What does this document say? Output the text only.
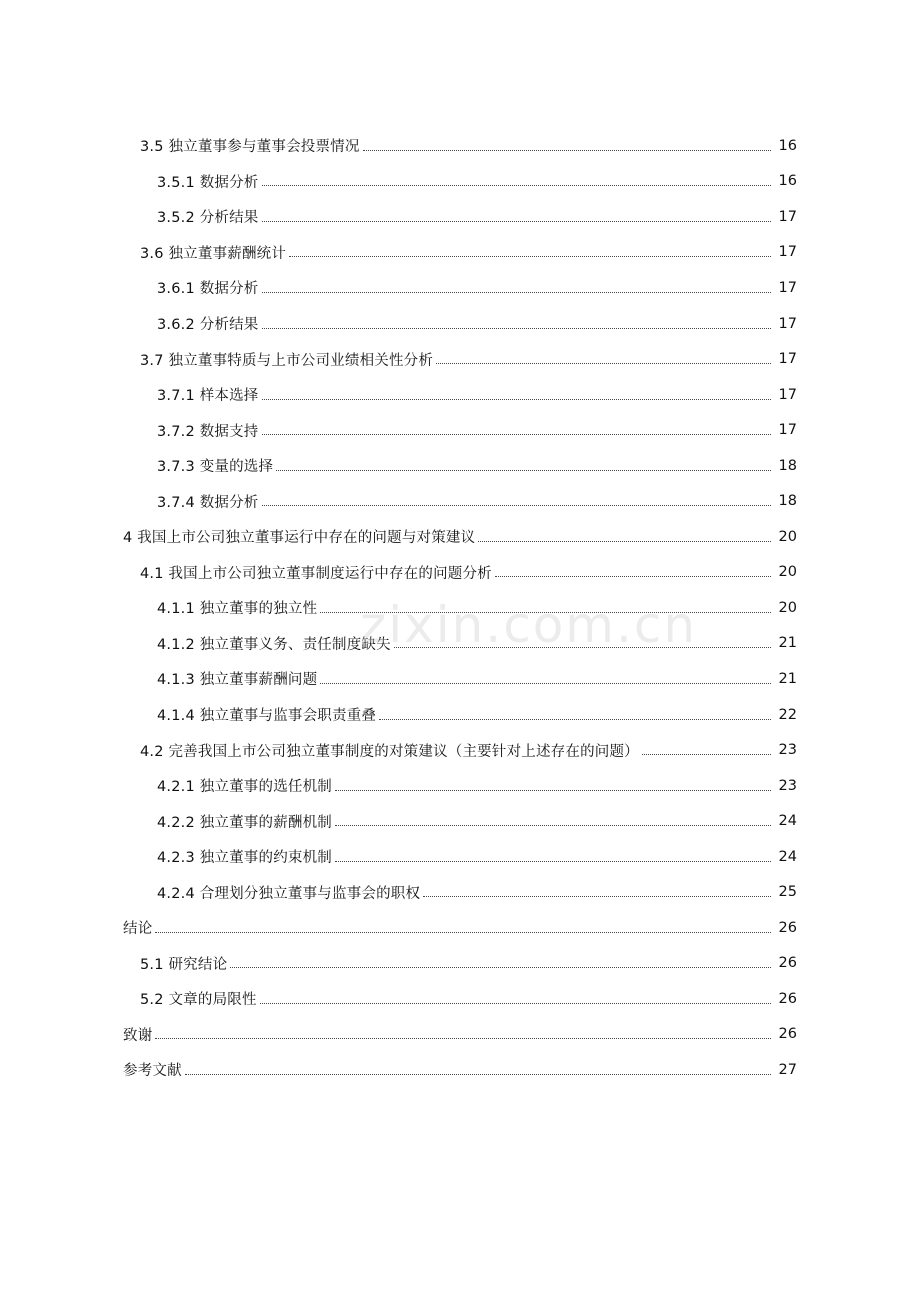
3.5 独立董事参与董事会投票情况	16
3.5.1 数据分析	16
3.5.2 分析结果	17
3.6 独立董事薪酬统计	17
3.6.1 数据分析	17
3.6.2 分析结果	17
3.7 独立董事特质与上市公司业绩相关性分析	17
3.7.1 样本选择	17
3.7.2 数据支持	17
3.7.3 变量的选择	18
3.7.4 数据分析	18
4 我国上市公司独立董事运行中存在的问题与对策建议	20
4.1 我国上市公司独立董事制度运行中存在的问题分析	20
4.1.1 独立董事的独立性	20
4.1.2 独立董事义务、责任制度缺失	21
4.1.3 独立董事薪酬问题	21
4.1.4 独立董事与监事会职责重叠	22
4.2 完善我国上市公司独立董事制度的对策建议（主要针对上述存在的问题）	23
4.2.1 独立董事的选任机制	23
4.2.2 独立董事的薪酬机制	24
4.2.3 独立董事的约束机制	24
4.2.4 合理划分独立董事与监事会的职权	25
结论	26
5.1 研究结论	26
5.2 文章的局限性	26
致谢	26
参考文献	27
zixin.com.cn
